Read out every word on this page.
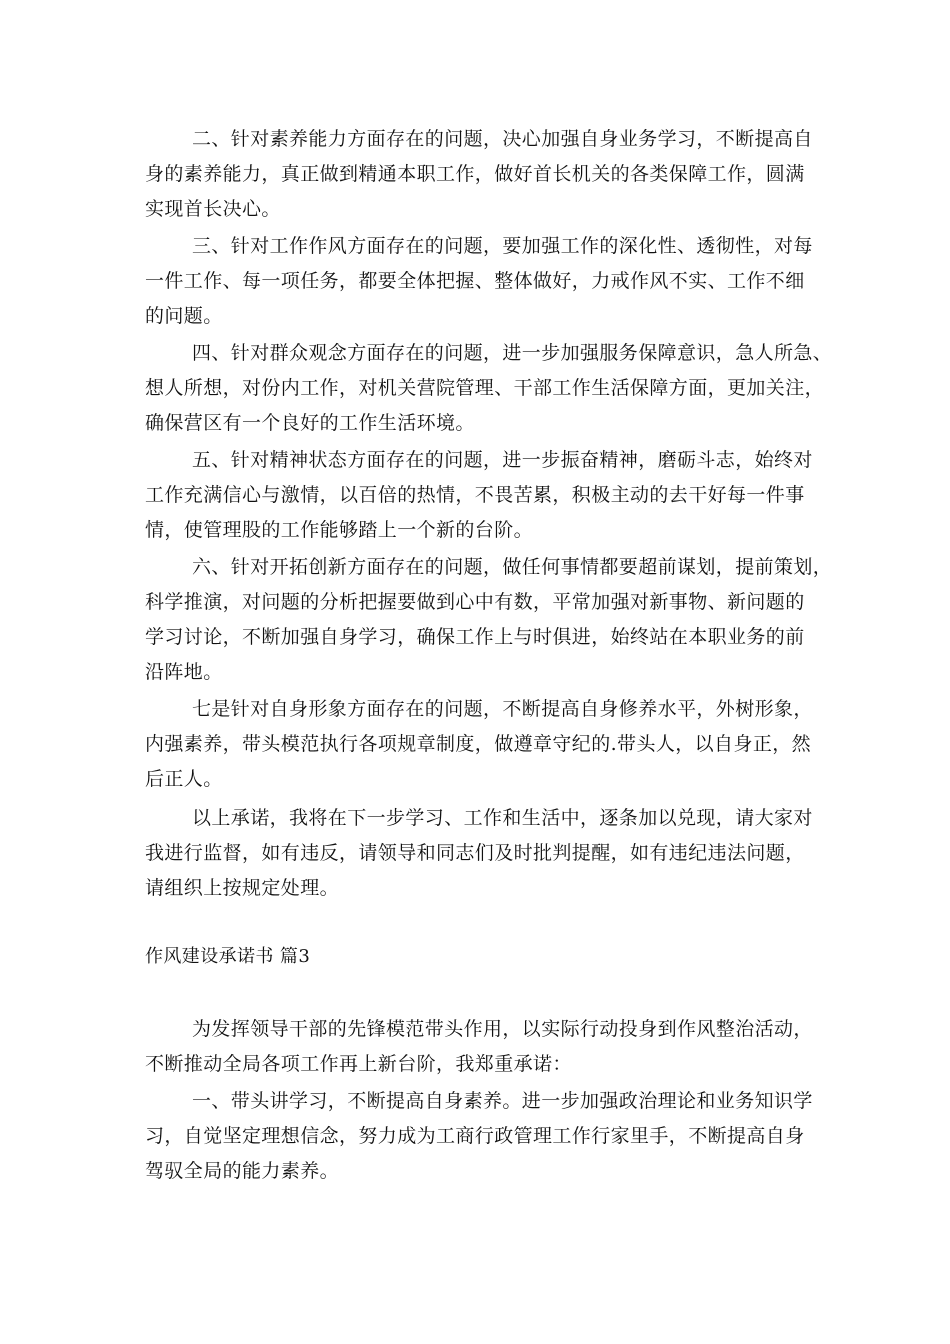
二、针对素养能力方面存在的问题，决心加强自身业务学习，不断提高自

身的素养能力，真正做到精通本职工作，做好首长机关的各类保障工作，圆满

实现首长决心。

三、针对工作作风方面存在的问题，要加强工作的深化性、透彻性，对每

一件工作、每一项任务，都要全体把握、整体做好，力戒作风不实、工作不细

的问题。

四、针对群众观念方面存在的问题，进一步加强服务保障意识，急人所急、

想人所想，对份内工作，对机关营院管理、干部工作生活保障方面，更加关注，

确保营区有一个良好的工作生活环境。

五、针对精神状态方面存在的问题，进一步振奋精神，磨砺斗志，始终对

工作充满信心与激情，以百倍的热情，不畏苦累，积极主动的去干好每一件事

情，使管理股的工作能够踏上一个新的台阶。

六、针对开拓创新方面存在的问题，做任何事情都要超前谋划，提前策划，

科学推演，对问题的分析把握要做到心中有数，平常加强对新事物、新问题的

学习讨论，不断加强自身学习，确保工作上与时俱进，始终站在本职业务的前

沿阵地。

七是针对自身形象方面存在的问题，不断提高自身修养水平，外树形象，

内强素养，带头模范执行各项规章制度，做遵章守纪的.带头人，以自身正，然

后正人。

以上承诺，我将在下一步学习、工作和生活中，逐条加以兑现，请大家对

我进行监督，如有违反，请领导和同志们及时批判提醒，如有违纪违法问题，

请组织上按规定处理。

作风建设承诺书 篇3

为发挥领导干部的先锋模范带头作用，以实际行动投身到作风整治活动，

不断推动全局各项工作再上新台阶，我郑重承诺：

一、带头讲学习，不断提高自身素养。进一步加强政治理论和业务知识学

习，自觉坚定理想信念，努力成为工商行政管理工作行家里手，不断提高自身

驾驭全局的能力素养。
